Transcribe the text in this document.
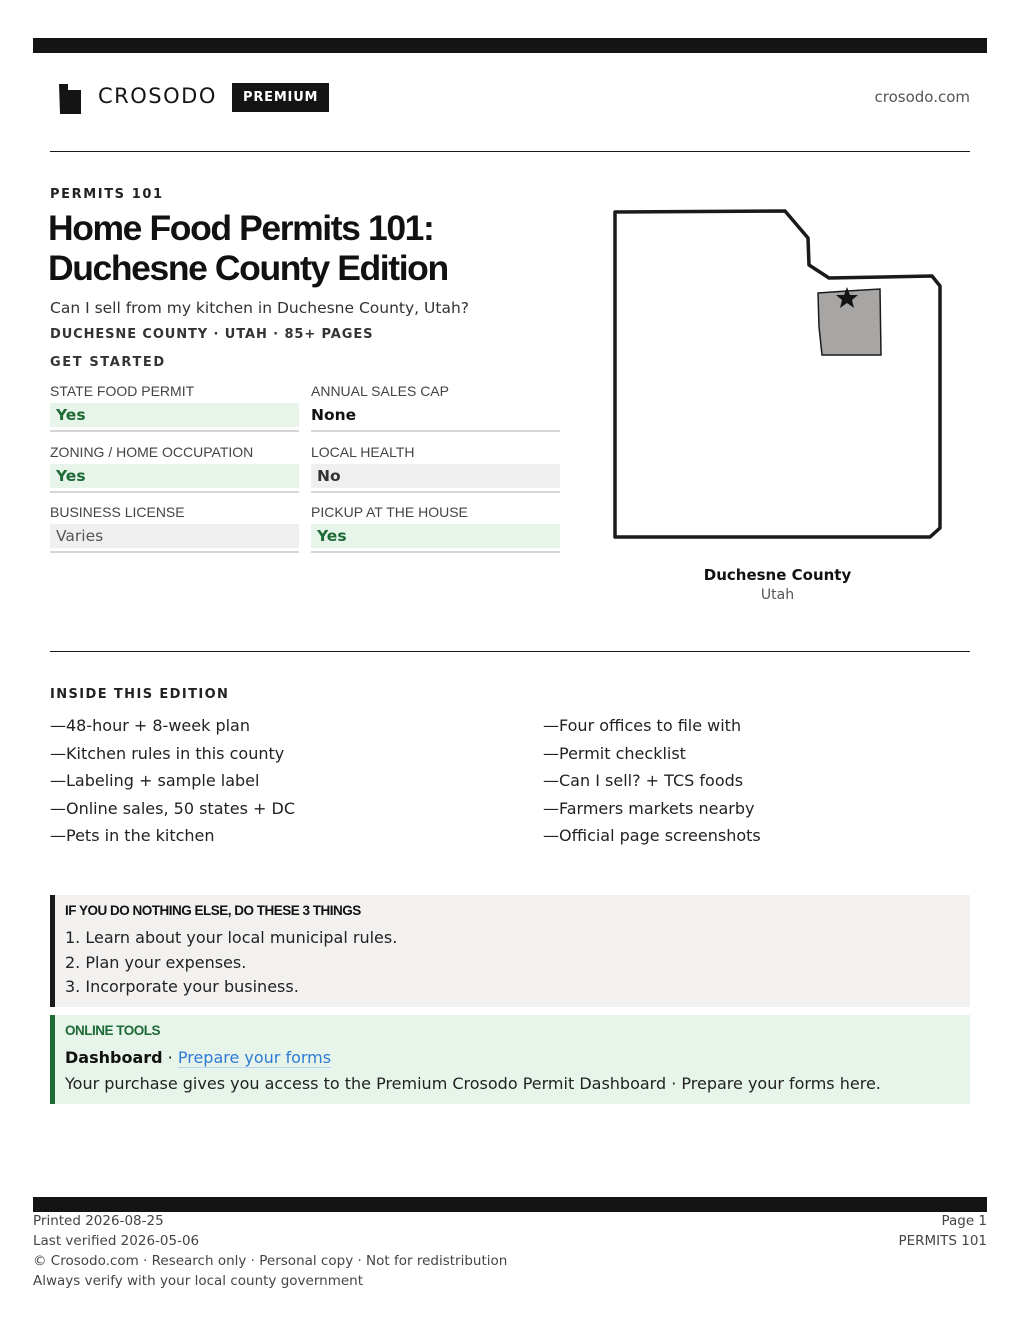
CROSODO	PREMIUM	crosodo.com
PERMITS 101
Home Food Permits 101:
Duchesne County Edition
Can I sell from my kitchen in Duchesne County, Utah?
DUCHESNE COUNTY · UTAH · 85+ PAGES
GET STARTED
STATE FOOD PERMIT
Yes
ANNUAL SALES CAP
None
ZONING / HOME OCCUPATION
Yes
LOCAL HEALTH
No
BUSINESS LICENSE
Varies
PICKUP AT THE HOUSE
Yes
Duchesne County
Utah
INSIDE THIS EDITION
—48-hour + 8-week plan
—Kitchen rules in this county
—Labeling + sample label
—Online sales, 50 states + DC
—Pets in the kitchen
—Four offices to file with
—Permit checklist
—Can I sell? + TCS foods
—Farmers markets nearby
—Official page screenshots
IF YOU DO NOTHING ELSE, DO THESE 3 THINGS
1. Learn about your local municipal rules.
2. Plan your expenses.
3. Incorporate your business.
ONLINE TOOLS
Dashboard · Prepare your forms
Your purchase gives you access to the Premium Crosodo Permit Dashboard · Prepare your forms here.
Printed 2026-08-25
Last verified 2026-05-06
© Crosodo.com · Research only · Personal copy · Not for redistribution
Always verify with your local county government
Page 1
PERMITS 101
